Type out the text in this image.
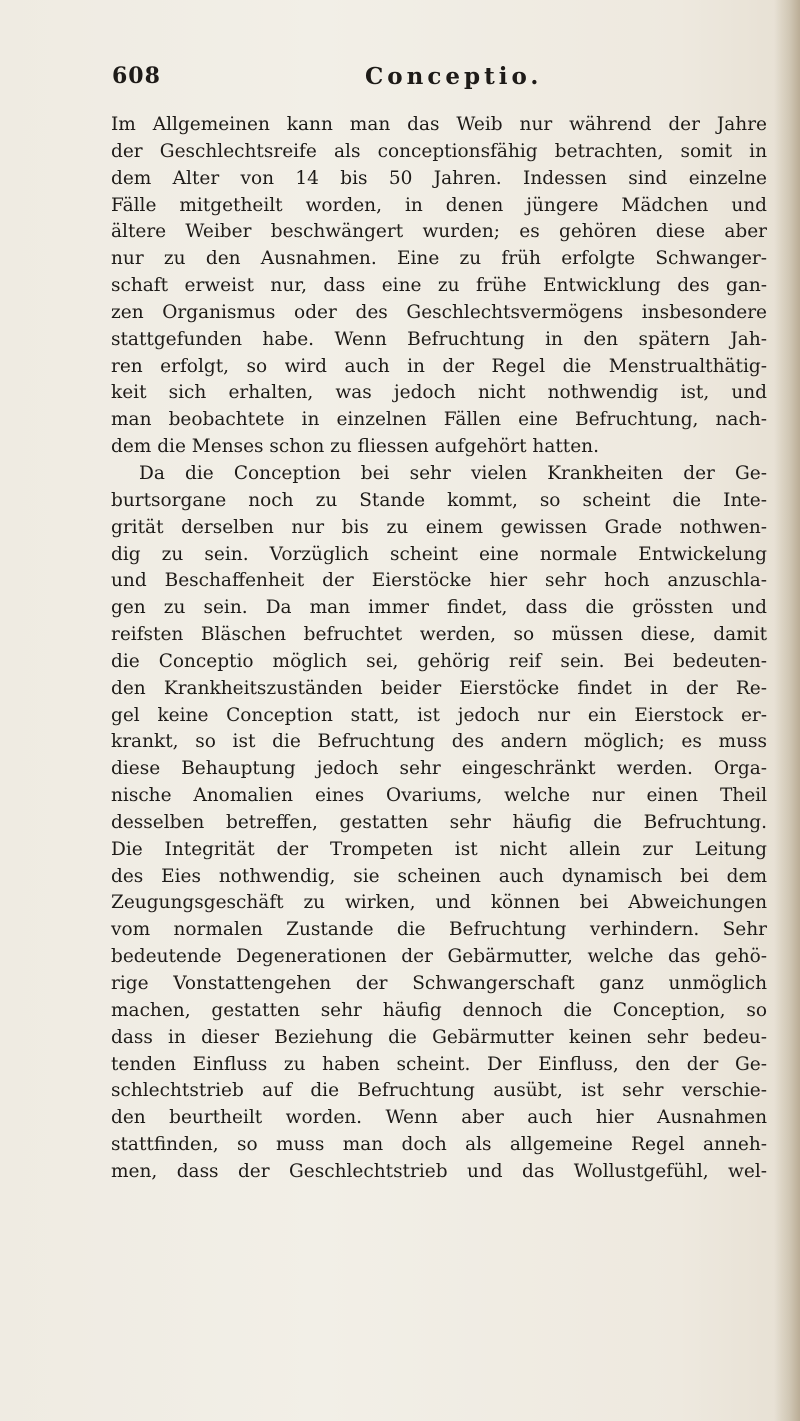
608	Conceptio.
Im Allgemeinen kann man das Weib nur während der Jahre
der Geschlechtsreife als conceptionsfähig betrachten, somit in
dem Alter von 14 bis 50 Jahren. Indessen sind einzelne
Fälle mitgetheilt worden, in denen jüngere Mädchen und
ältere Weiber beschwängert wurden; es gehören diese aber
nur zu den Ausnahmen. Eine zu früh erfolgte Schwanger-
schaft erweist nur, dass eine zu frühe Entwicklung des gan-
zen Organismus oder des Geschlechtsvermögens insbesondere
stattgefunden habe. Wenn Befruchtung in den spätern Jah-
ren erfolgt, so wird auch in der Regel die Menstrualthätig-
keit sich erhalten, was jedoch nicht nothwendig ist, und
man beobachtete in einzelnen Fällen eine Befruchtung, nach-
dem die Menses schon zu fliessen aufgehört hatten.
Da die Conception bei sehr vielen Krankheiten der Ge-
burtsorgane noch zu Stande kommt, so scheint die Inte-
grität derselben nur bis zu einem gewissen Grade nothwen-
dig zu sein. Vorzüglich scheint eine normale Entwickelung
und Beschaffenheit der Eierstöcke hier sehr hoch anzuschla-
gen zu sein. Da man immer findet, dass die grössten und
reifsten Bläschen befruchtet werden, so müssen diese, damit
die Conceptio möglich sei, gehörig reif sein. Bei bedeuten-
den Krankheitszuständen beider Eierstöcke findet in der Re-
gel keine Conception statt, ist jedoch nur ein Eierstock er-
krankt, so ist die Befruchtung des andern möglich; es muss
diese Behauptung jedoch sehr eingeschränkt werden. Orga-
nische Anomalien eines Ovariums, welche nur einen Theil
desselben betreffen, gestatten sehr häufig die Befruchtung.
Die Integrität der Trompeten ist nicht allein zur Leitung
des Eies nothwendig, sie scheinen auch dynamisch bei dem
Zeugungsgeschäft zu wirken, und können bei Abweichungen
vom normalen Zustande die Befruchtung verhindern. Sehr
bedeutende Degenerationen der Gebärmutter, welche das gehö-
rige Vonstattengehen der Schwangerschaft ganz unmöglich
machen, gestatten sehr häufig dennoch die Conception, so
dass in dieser Beziehung die Gebärmutter keinen sehr bedeu-
tenden Einfluss zu haben scheint. Der Einfluss, den der Ge-
schlechtstrieb auf die Befruchtung ausübt, ist sehr verschie-
den beurtheilt worden. Wenn aber auch hier Ausnahmen
stattfinden, so muss man doch als allgemeine Regel anneh-
men, dass der Geschlechtstrieb und das Wollustgefühl, wel-
